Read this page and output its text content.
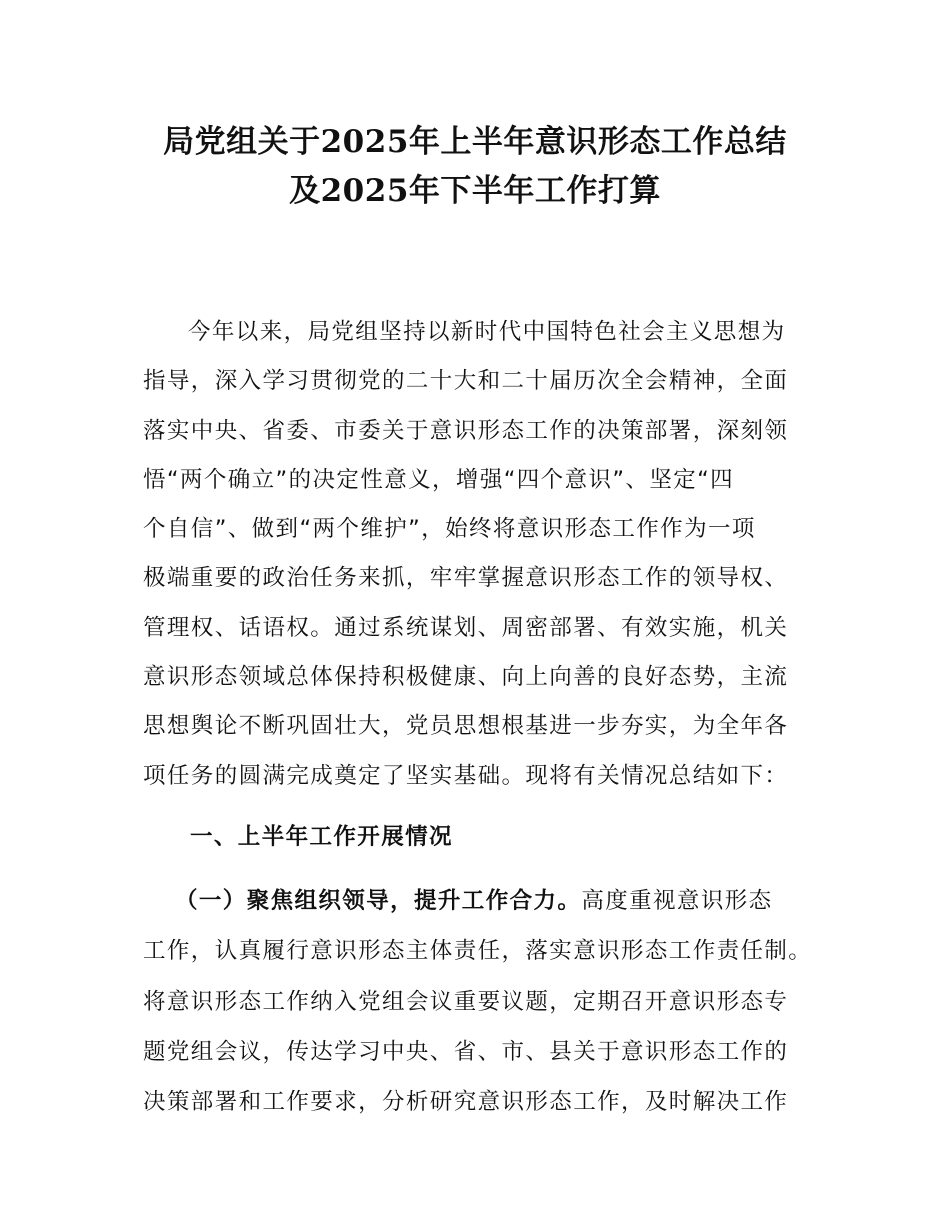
局党组关于2025年上半年意识形态工作总结
及2025年下半年工作打算

今年以来，局党组坚持以新时代中国特色社会主义思想为
指导，深入学习贯彻党的二十大和二十届历次全会精神，全面
落实中央、省委、市委关于意识形态工作的决策部署，深刻领
悟“两个确立”的决定性意义，增强“四个意识”、坚定“四
个自信”、做到“两个维护”，始终将意识形态工作作为一项
极端重要的政治任务来抓，牢牢掌握意识形态工作的领导权、
管理权、话语权。通过系统谋划、周密部署、有效实施，机关
意识形态领域总体保持积极健康、向上向善的良好态势，主流
思想舆论不断巩固壮大，党员思想根基进一步夯实，为全年各
项任务的圆满完成奠定了坚实基础。现将有关情况总结如下：

一、上半年工作开展情况

（一）聚焦组织领导，提升工作合力。高度重视意识形态
工作，认真履行意识形态主体责任，落实意识形态工作责任制。
将意识形态工作纳入党组会议重要议题，定期召开意识形态专
题党组会议，传达学习中央、省、市、县关于意识形态工作的
决策部署和工作要求，分析研究意识形态工作，及时解决工作
